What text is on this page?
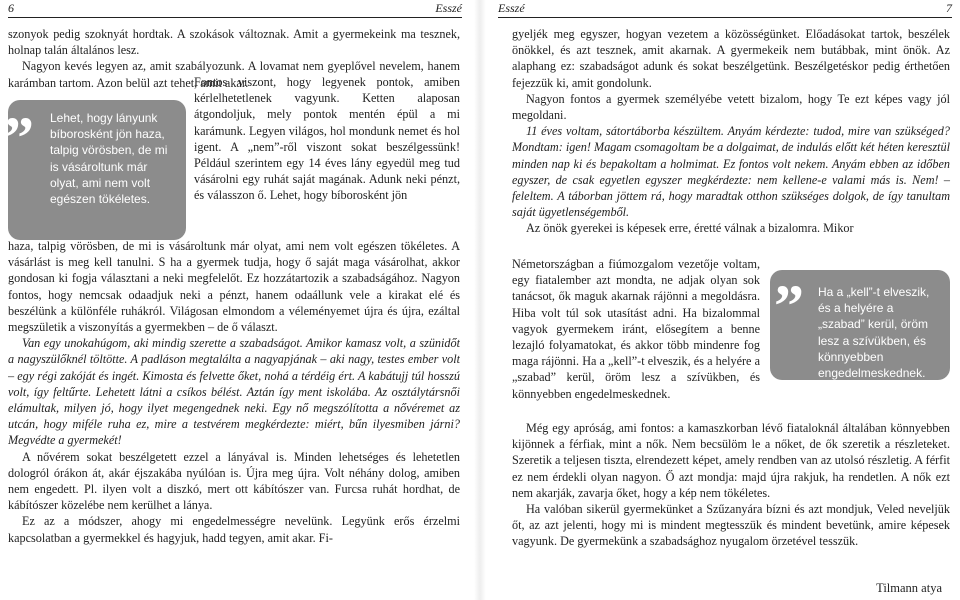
6	Esszé

szonyok pedig szoknyát hordtak. A szokások változnak. Amit a gyermekeink ma tesznek, holnap talán általános lesz.

Nagyon kevés legyen az, amit szabályozunk. A lovamat nem gyeplővel nevelem, hanem karámban tartom. Azon belül azt tehet, amit akar.

” Lehet, hogy lányunk bíborosként jön haza, talpig vörösben, de mi is vásároltunk már olyat, ami nem volt egészen tökéletes.

Fontos viszont, hogy legyenek pontok, amiben kérlelhetetlenek vagyunk. Ketten alaposan átgondoljuk, mely pontok mentén épül a mi karámunk. Legyen világos, hol mondunk nemet és hol igent. A „nem”-ről viszont sokat beszélgessünk! Például szerintem egy 14 éves lány egyedül meg tud vásárolni egy ruhát saját magának. Adunk neki pénzt, és válasszon ő. Lehet, hogy bíborosként jön

haza, talpig vörösben, de mi is vásároltunk már olyat, ami nem volt egészen tökéletes. A vásárlást is meg kell tanulni. S ha a gyermek tudja, hogy ő saját maga vásárolhat, akkor gondosan ki fogja választani a neki megfelelőt. Ez hozzátartozik a szabadságához. Nagyon fontos, hogy nemcsak odaadjuk neki a pénzt, hanem odaállunk vele a kirakat elé és beszélünk a különféle ruhákról. Világosan elmondom a véleményemet újra és újra, ezáltal megszületik a viszonyítás a gyermekben – de ő választ.

Van egy unokahúgom, aki mindig szerette a szabadságot. Amikor kamasz volt, a szünidőt a nagyszülőknél töltötte. A padláson megtalálta a nagyapjának – aki nagy, testes ember volt – egy régi zakóját és ingét. Kimosta és felvette őket, nohá a térdéig ért. A kabátujj túl hosszú volt, így feltűrte. Lehetett látni a csíkos bélést. Aztán így ment iskolába. Az osztálytársnői elámultak, milyen jó, hogy ilyet megengednek neki. Egy nő megszólította a nővéremet az utcán, hogy miféle ruha ez, mire a testvérem megkérdezte: miért, bűn ilyesmiben járni? Megvédte a gyermekét!

A nővérem sokat beszélgetett ezzel a lányával is. Minden lehetséges és lehetetlen dologról órákon át, akár éjszakába nyúlóan is. Újra meg újra. Volt néhány dolog, amiben nem engedett. Pl. ilyen volt a diszkó, mert ott kábítószer van. Furcsa ruhát hordhat, de kábítószer közelébe nem kerülhet a lánya.

Ez az a módszer, ahogy mi engedelmességre nevelünk. Legyünk erős érzelmi kapcsolatban a gyermekkel és hagyjuk, hadd tegyen, amit akar. Fi-

Esszé	7

gyeljék meg egyszer, hogyan vezetem a közösségünket. Előadásokat tartok, beszélek önökkel, és azt tesznek, amit akarnak. A gyermekeik nem butábbak, mint önök. Az alaphang ez: szabadságot adunk és sokat beszélgetünk. Beszélgetéskor pedig érthetően fejezzük ki, amit gondolunk.

Nagyon fontos a gyermek személyébe vetett bizalom, hogy Te ezt képes vagy jól megoldani.

11 éves voltam, sátortáborba készültem. Anyám kérdezte: tudod, mire van szükséged? Mondtam: igen! Magam csomagoltam be a dolgaimat, de indulás előtt két héten keresztül minden nap ki és bepakoltam a holmimat. Ez fontos volt nekem. Anyám ebben az időben egyszer, de csak egyetlen egyszer megkérdezte: nem kellene-e valami más is. Nem! – feleltem. A táborban jöttem rá, hogy maradtak otthon szükséges dolgok, de így tanultam saját ügyetlenségemből.

Az önök gyerekei is képesek erre, éretté válnak a bizalomra. Mikor

Németországban a fiúmozgalom vezetője voltam, egy fiatalember azt mondta, ne adjak olyan sok tanácsot, ők maguk akarnak rájönni a megoldásra. Hiba volt túl sok utasítást adni. Ha bizalommal vagyok gyermekem iránt, elősegítem a benne lezajló folyamatokat, és akkor több mindenre fog maga rájönni. Ha a „kell”-t elveszik, és a helyére a „szabad” kerül, öröm lesz a szívükben, és könnyebben engedelmeskednek.

” Ha a „kell”-t elveszik, és a helyére a „szabad” kerül, öröm lesz a szívükben, és könnyebben engedelmeskednek.

Még egy apróság, ami fontos: a kamaszkorban lévő fiataloknál általában könnyebben kijönnek a férfiak, mint a nők. Nem becsülöm le a nőket, de ők szeretik a részleteket. Szeretik a teljesen tiszta, elrendezett képet, amely rendben van az utolsó részletig. A férfit ez nem érdekli olyan nagyon. Ő azt mondja: majd újra rakjuk, ha rendetlen. A nők ezt nem akarják, zavarja őket, hogy a kép nem tökéletes.

Ha valóban sikerül gyermekünket a Szűzanyára bízni és azt mondjuk, Veled neveljük őt, az azt jelenti, hogy mi is mindent megtesszük és mindent bevetünk, amire képesek vagyunk. De gyermekünk a szabadsághoz nyugalom örzetével tesszük.

Tilmann atya
